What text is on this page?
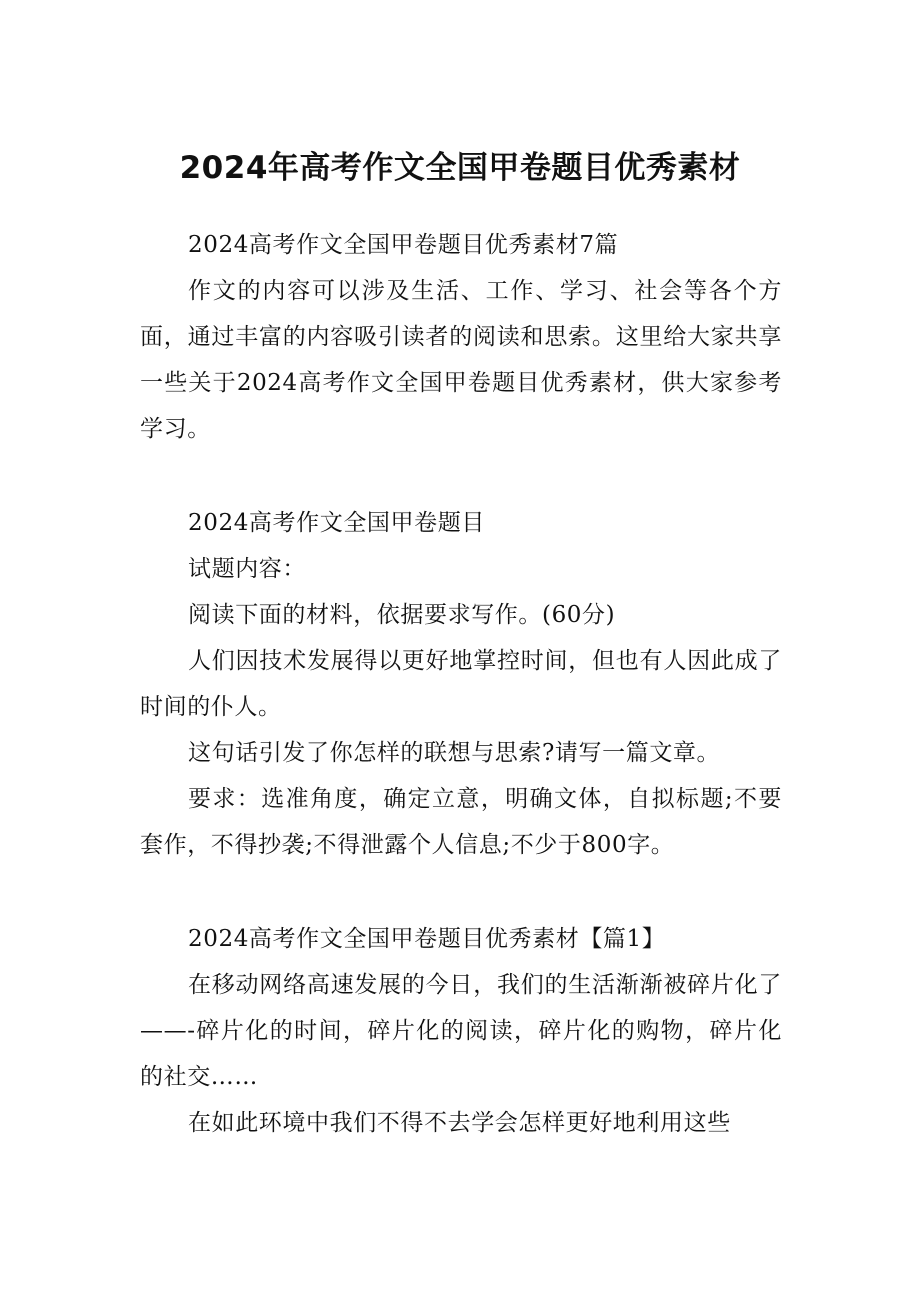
2024年高考作文全国甲卷题目优秀素材

2024高考作文全国甲卷题目优秀素材7篇

作文的内容可以涉及生活、工作、学习、社会等各个方面，通过丰富的内容吸引读者的阅读和思索。这里给大家共享一些关于2024高考作文全国甲卷题目优秀素材，供大家参考学习。

2024高考作文全国甲卷题目

试题内容：

阅读下面的材料，依据要求写作。(60分)

人们因技术发展得以更好地掌控时间，但也有人因此成了时间的仆人。

这句话引发了你怎样的联想与思索?请写一篇文章。

要求：选准角度，确定立意，明确文体，自拟标题;不要套作，不得抄袭;不得泄露个人信息;不少于800字。

2024高考作文全国甲卷题目优秀素材【篇1】

在移动网络高速发展的今日，我们的生活渐渐被碎片化了——-碎片化的时间，碎片化的阅读，碎片化的购物，碎片化的社交……

在如此环境中我们不得不去学会怎样更好地利用这些
